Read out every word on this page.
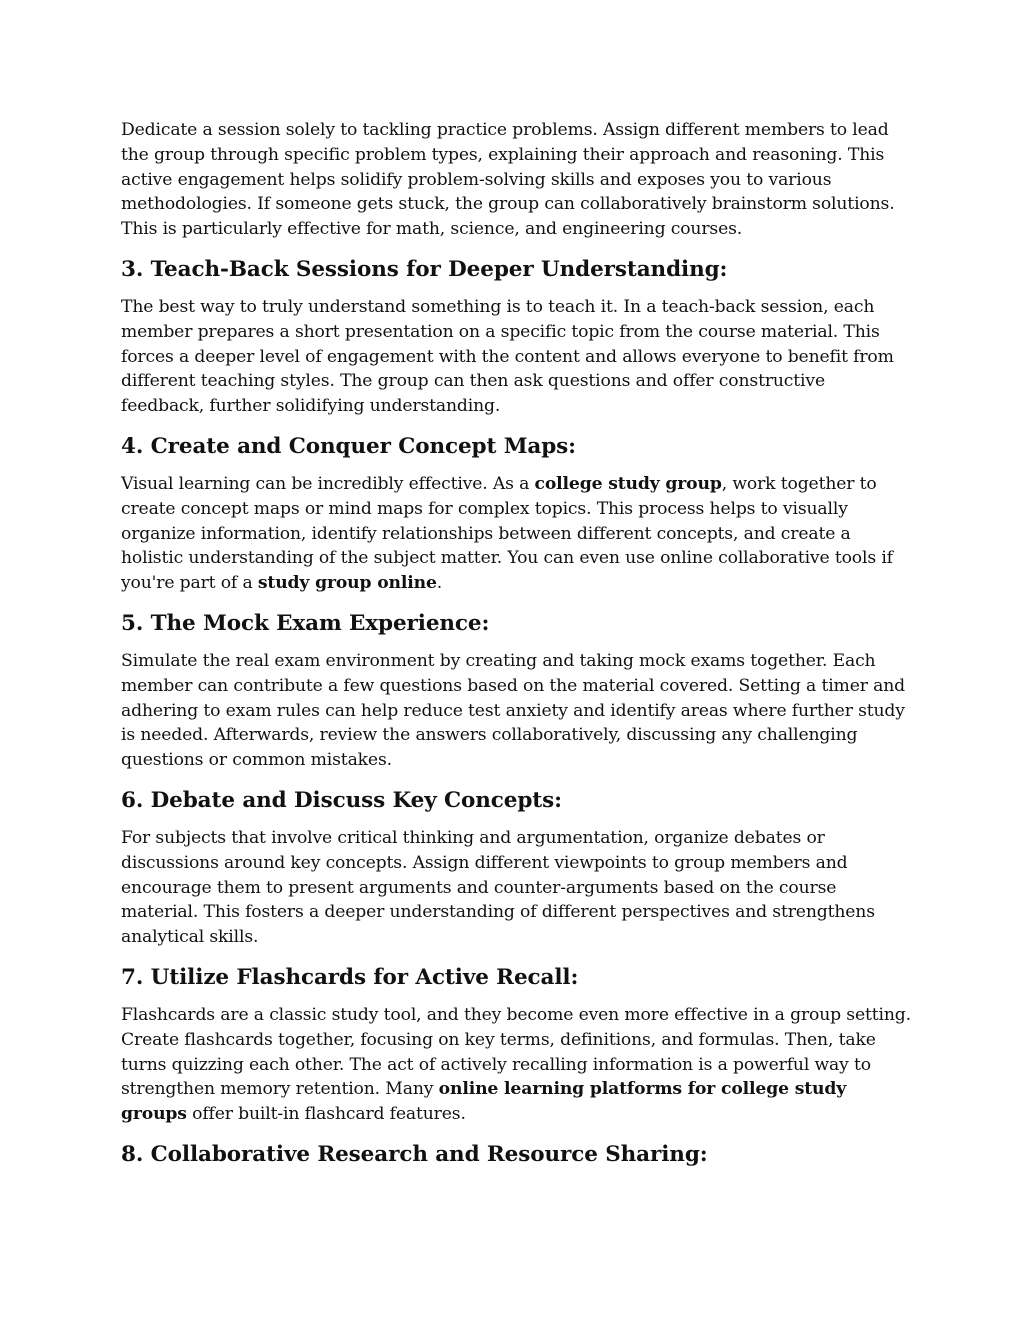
Dedicate a session solely to tackling practice problems. Assign different members to lead the group through specific problem types, explaining their approach and reasoning. This active engagement helps solidify problem-solving skills and exposes you to various methodologies. If someone gets stuck, the group can collaboratively brainstorm solutions. This is particularly effective for math, science, and engineering courses.

3. Teach-Back Sessions for Deeper Understanding:

The best way to truly understand something is to teach it. In a teach-back session, each member prepares a short presentation on a specific topic from the course material. This forces a deeper level of engagement with the content and allows everyone to benefit from different teaching styles. The group can then ask questions and offer constructive feedback, further solidifying understanding.

4. Create and Conquer Concept Maps:

Visual learning can be incredibly effective. As a college study group, work together to create concept maps or mind maps for complex topics. This process helps to visually organize information, identify relationships between different concepts, and create a holistic understanding of the subject matter. You can even use online collaborative tools if you're part of a study group online.

5. The Mock Exam Experience:

Simulate the real exam environment by creating and taking mock exams together. Each member can contribute a few questions based on the material covered. Setting a timer and adhering to exam rules can help reduce test anxiety and identify areas where further study is needed. Afterwards, review the answers collaboratively, discussing any challenging questions or common mistakes.

6. Debate and Discuss Key Concepts:

For subjects that involve critical thinking and argumentation, organize debates or discussions around key concepts. Assign different viewpoints to group members and encourage them to present arguments and counter-arguments based on the course material. This fosters a deeper understanding of different perspectives and strengthens analytical skills.

7. Utilize Flashcards for Active Recall:

Flashcards are a classic study tool, and they become even more effective in a group setting. Create flashcards together, focusing on key terms, definitions, and formulas. Then, take turns quizzing each other. The act of actively recalling information is a powerful way to strengthen memory retention. Many online learning platforms for college study groups offer built-in flashcard features.

8. Collaborative Research and Resource Sharing:
